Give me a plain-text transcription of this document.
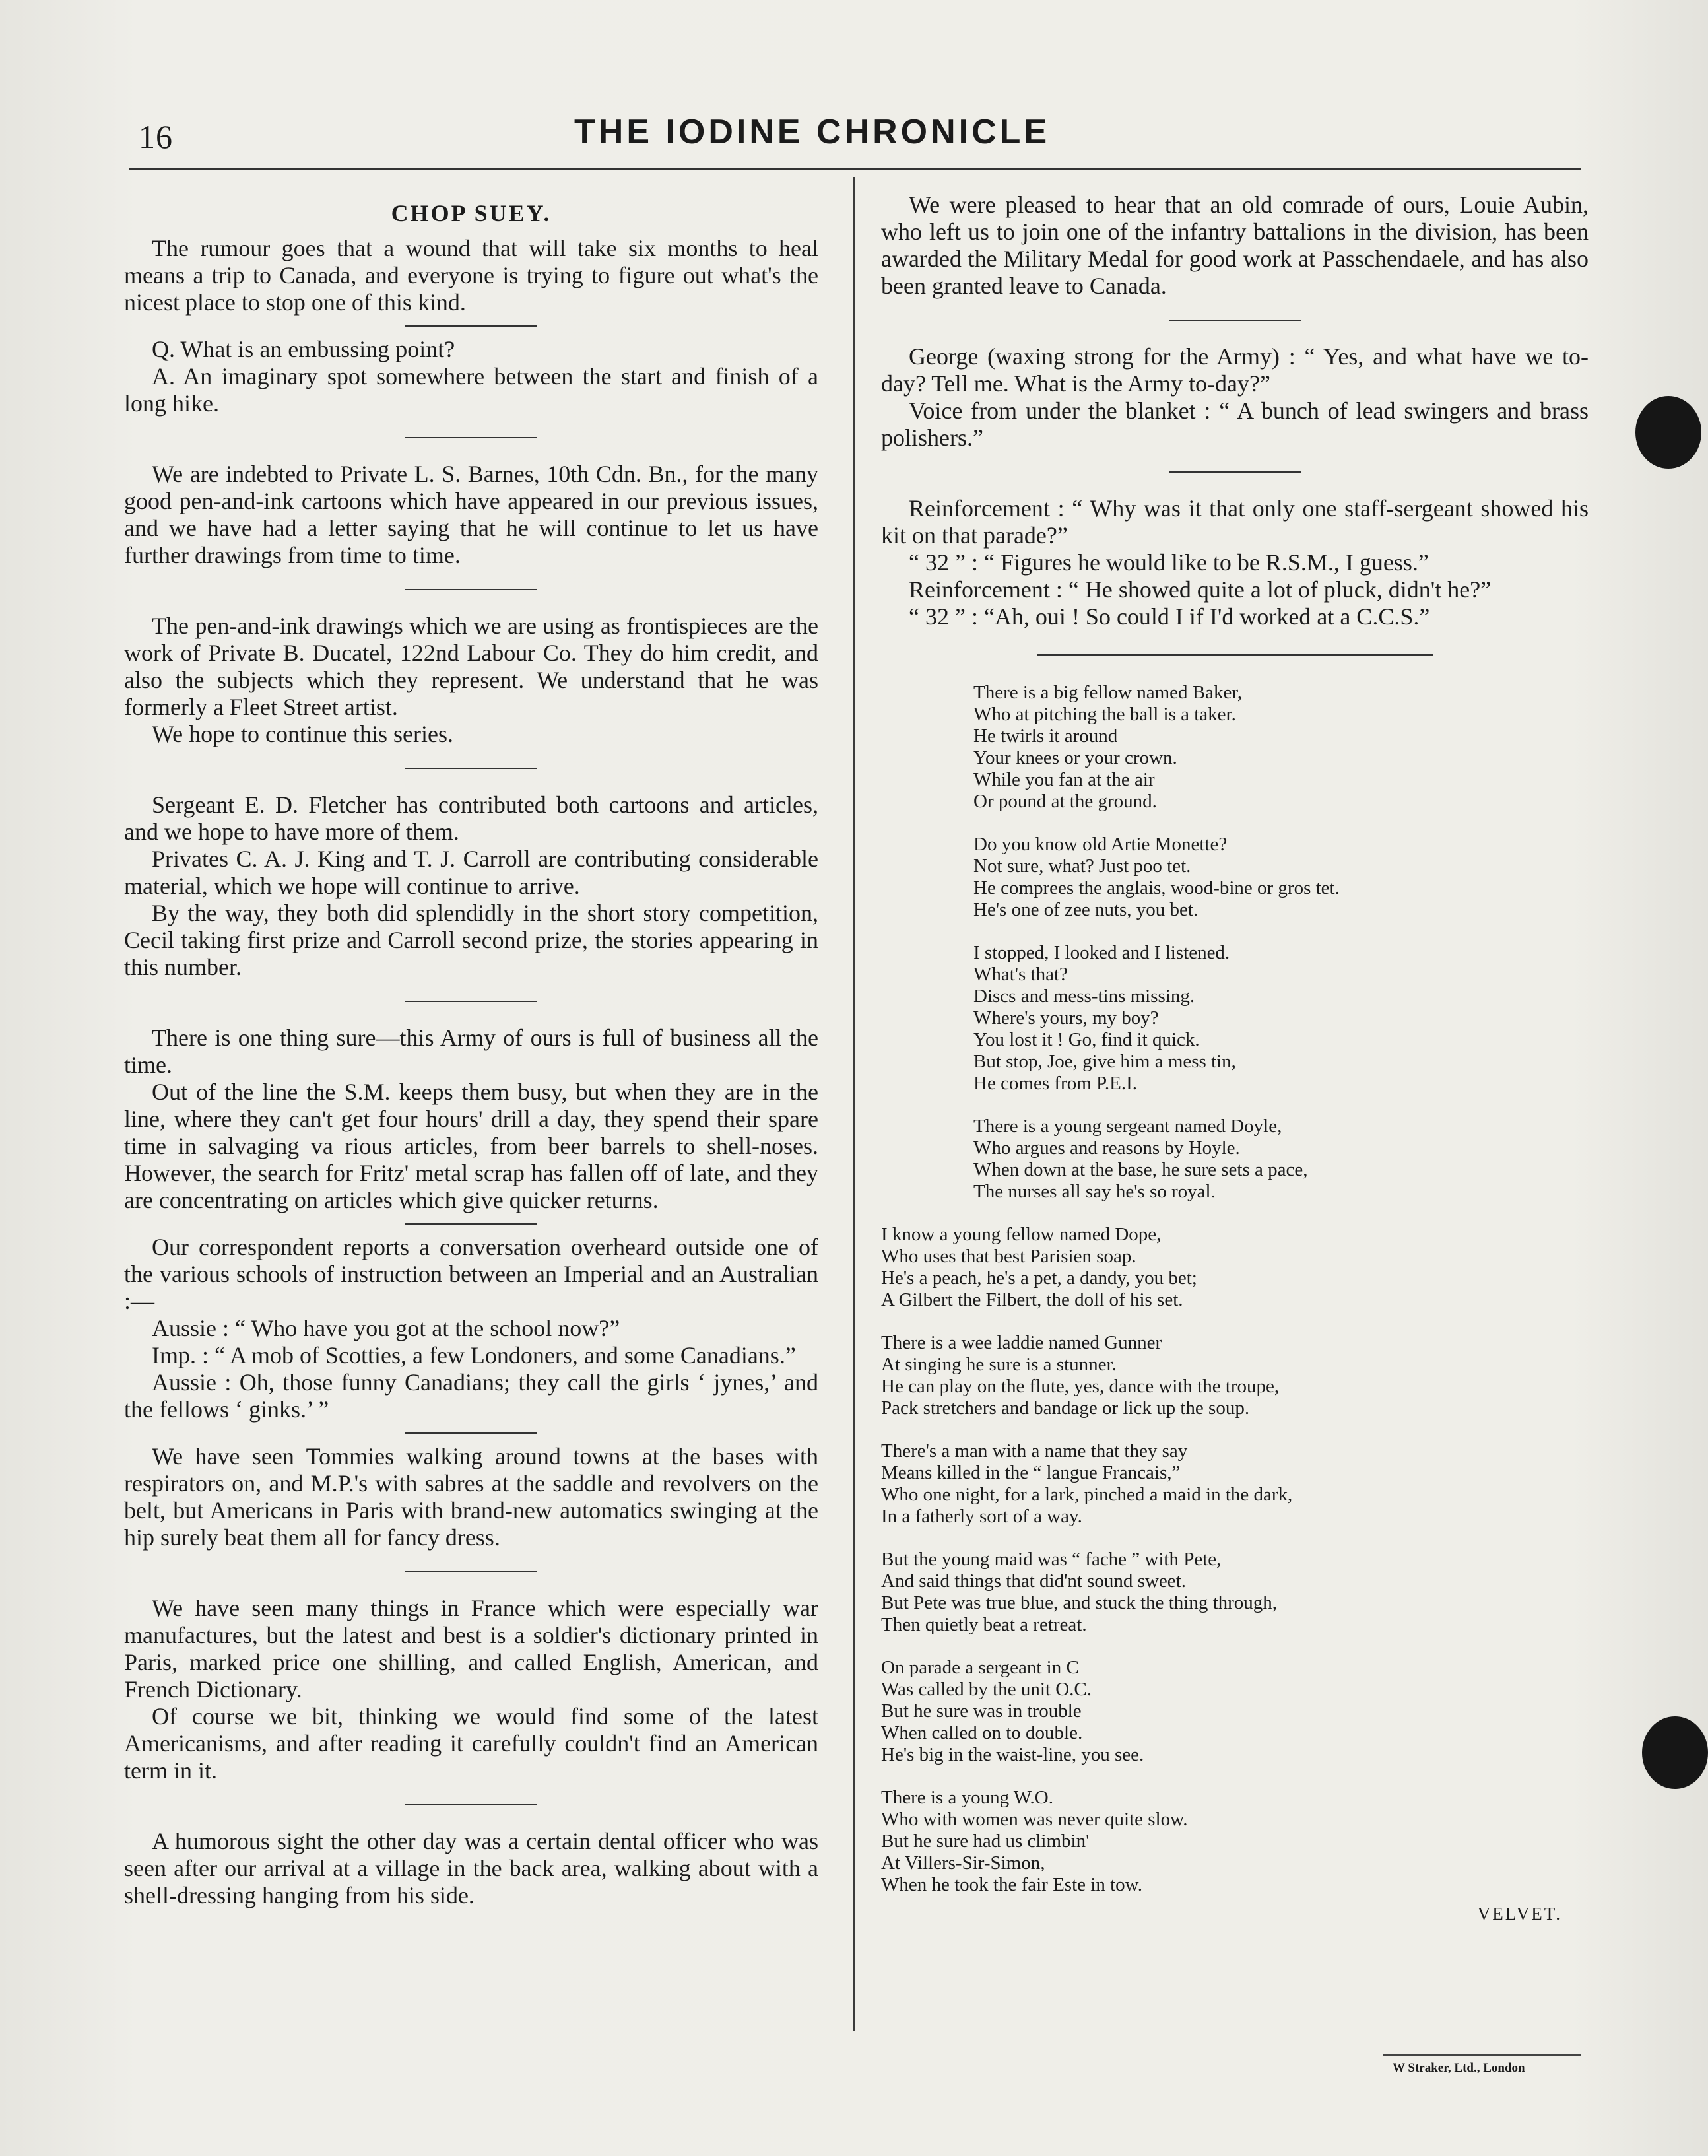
16	THE IODINE CHRONICLE
CHOP SUEY.

The rumour goes that a wound that will take six months to heal means a trip to Canada, and everyone is trying to figure out what's the nicest place to stop one of this kind.

Q. What is an embussing point?

A. An imaginary spot somewhere between the start and finish of a long hike.

We are indebted to Private L. S. Barnes, 10th Cdn. Bn., for the many good pen-and-ink cartoons which have appeared in our previous issues, and we have had a letter saying that he will continue to let us have further drawings from time to time.

The pen-and-ink drawings which we are using as frontispieces are the work of Private B. Ducatel, 122nd Labour Co. They do him credit, and also the subjects which they represent. We understand that he was formerly a Fleet Street artist.

We hope to continue this series.

Sergeant E. D. Fletcher has contributed both cartoons and articles, and we hope to have more of them.

Privates C. A. J. King and T. J. Carroll are contributing considerable material, which we hope will continue to arrive.

By the way, they both did splendidly in the short story competition, Cecil taking first prize and Carroll second prize, the stories appearing in this number.

There is one thing sure—this Army of ours is full of business all the time.

Out of the line the S.M. keeps them busy, but when they are in the line, where they can't get four hours' drill a day, they spend their spare time in salvaging va rious articles, from beer barrels to shell-noses. However, the search for Fritz' metal scrap has fallen off of late, and they are concentrating on articles which give quicker returns.

Our correspondent reports a conversation overheard outside one of the various schools of instruction between an Imperial and an Australian :—

Aussie : “ Who have you got at the school now?”

Imp. : “ A mob of Scotties, a few Londoners, and some Canadians.”

Aussie : Oh, those funny Canadians; they call the girls ‘ jynes,’ and the fellows ‘ ginks.’ ”

We have seen Tommies walking around towns at the bases with respirators on, and M.P.'s with sabres at the saddle and revolvers on the belt, but Americans in Paris with brand-new automatics swinging at the hip surely beat them all for fancy dress.

We have seen many things in France which were especially war manufactures, but the latest and best is a soldier's dictionary printed in Paris, marked price one shilling, and called English, American, and French Dictionary.

Of course we bit, thinking we would find some of the latest Americanisms, and after reading it carefully couldn't find an American term in it.

A humorous sight the other day was a certain dental officer who was seen after our arrival at a village in the back area, walking about with a shell-dressing hanging from his side.

We were pleased to hear that an old comrade of ours, Louie Aubin, who left us to join one of the infantry battalions in the division, has been awarded the Military Medal for good work at Passchendaele, and has also been granted leave to Canada.

George (waxing strong for the Army) : “ Yes, and what have we to-day? Tell me. What is the Army to-day?”

Voice from under the blanket : “ A bunch of lead swingers and brass polishers.”

Reinforcement : “ Why was it that only one staff-sergeant showed his kit on that parade?”

“ 32 ” : “ Figures he would like to be R.S.M., I guess.”

Reinforcement : “ He showed quite a lot of pluck, didn't he?”

“ 32 ” : “Ah, oui ! So could I if I'd worked at a C.C.S.”

There is a big fellow named Baker,
Who at pitching the ball is a taker.
He twirls it around
Your knees or your crown.
While you fan at the air
Or pound at the ground.
Do you know old Artie Monette?
Not sure, what? Just poo tet.
He comprees the anglais, wood-bine or gros tet.
He's one of zee nuts, you bet.
I stopped, I looked and I listened.
What's that?
Discs and mess-tins missing.
Where's yours, my boy?
You lost it ! Go, find it quick.
But stop, Joe, give him a mess tin,
He comes from P.E.I.
There is a young sergeant named Doyle,
Who argues and reasons by Hoyle.
When down at the base, he sure sets a pace,
The nurses all say he's so royal.
I know a young fellow named Dope,
Who uses that best Parisien soap.
He's a peach, he's a pet, a dandy, you bet;
A Gilbert the Filbert, the doll of his set.
There is a wee laddie named Gunner
At singing he sure is a stunner.
He can play on the flute, yes, dance with the troupe,
Pack stretchers and bandage or lick up the soup.
There's a man with a name that they say
Means killed in the “ langue Francais,”
Who one night, for a lark, pinched a maid in the dark,
In a fatherly sort of a way.
But the young maid was “ fache ” with Pete,
And said things that did'nt sound sweet.
But Pete was true blue, and stuck the thing through,
Then quietly beat a retreat.
On parade a sergeant in C
Was called by the unit O.C.
But he sure was in trouble
When called on to double.
He's big in the waist-line, you see.
There is a young W.O.
Who with women was never quite slow.
But he sure had us climbin'
At Villers-Sir-Simon,
When he took the fair Este in tow.
VELVET.
W Straker, Ltd., London
